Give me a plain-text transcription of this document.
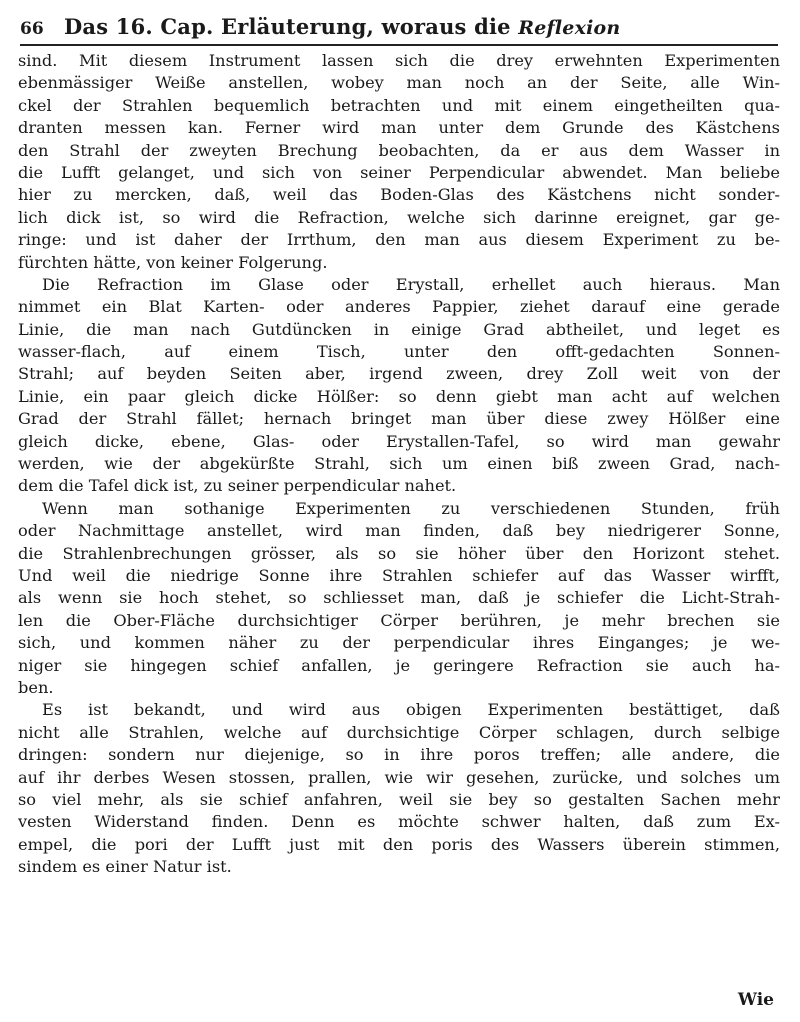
66 Das 16. Cap. Erläuterung, woraus die Reflexion
sind. Mit diesem Instrument lassen sich die drey erwehnten Experimenten
ebenmässiger Weiße anstellen, wobey man noch an der Seite, alle Win-
ckel der Strahlen bequemlich betrachten und mit einem eingetheilten qua-
dranten messen kan. Ferner wird man unter dem Grunde des Kästchens
den Strahl der zweyten Brechung beobachten, da er aus dem Wasser in
die Lufft gelanget, und sich von seiner Perpendicular abwendet. Man beliebe
hier zu mercken, daß, weil das Boden-Glas des Kästchens nicht sonder-
lich dick ist, so wird die Refraction, welche sich darinne ereignet, gar ge-
ringe: und ist daher der Irrthum, den man aus diesem Experiment zu be-
fürchten hätte, von keiner Folgerung.
Die Refraction im Glase oder Erystall, erhellet auch hieraus. Man
nimmet ein Blat Karten- oder anderes Pappier, ziehet darauf eine gerade
Linie, die man nach Gutdüncken in einige Grad abtheilet, und leget es
wasser-flach, auf einem Tisch, unter den offt-gedachten Sonnen-
Strahl; auf beyden Seiten aber, irgend zween, drey Zoll weit von der
Linie, ein paar gleich dicke Hölßer: so denn giebt man acht auf welchen
Grad der Strahl fället; hernach bringet man über diese zwey Hölßer eine
gleich dicke, ebene, Glas- oder Erystallen-Tafel, so wird man gewahr
werden, wie der abgekürßte Strahl, sich um einen biß zween Grad, nach-
dem die Tafel dick ist, zu seiner perpendicular nahet.
Wenn man sothanige Experimenten zu verschiedenen Stunden, früh
oder Nachmittage anstellet, wird man finden, daß bey niedrigerer Sonne,
die Strahlenbrechungen grösser, als so sie höher über den Horizont stehet.
Und weil die niedrige Sonne ihre Strahlen schiefer auf das Wasser wirfft,
als wenn sie hoch stehet, so schliesset man, daß je schiefer die Licht-Strah-
len die Ober-Fläche durchsichtiger Cörper berühren, je mehr brechen sie
sich, und kommen näher zu der perpendicular ihres Einganges; je we-
niger sie hingegen schief anfallen, je geringere Refraction sie auch ha-
ben.
Es ist bekandt, und wird aus obigen Experimenten bestättiget, daß
nicht alle Strahlen, welche auf durchsichtige Cörper schlagen, durch selbige
dringen: sondern nur diejenige, so in ihre poros treffen; alle andere, die
auf ihr derbes Wesen stossen, prallen, wie wir gesehen, zurücke, und solches um
so viel mehr, als sie schief anfahren, weil sie bey so gestalten Sachen mehr
vesten Widerstand finden. Denn es möchte schwer halten, daß zum Ex-
empel, die pori der Lufft just mit den poris des Wassers überein stimmen,
sindem es einer Natur ist.
Wie
